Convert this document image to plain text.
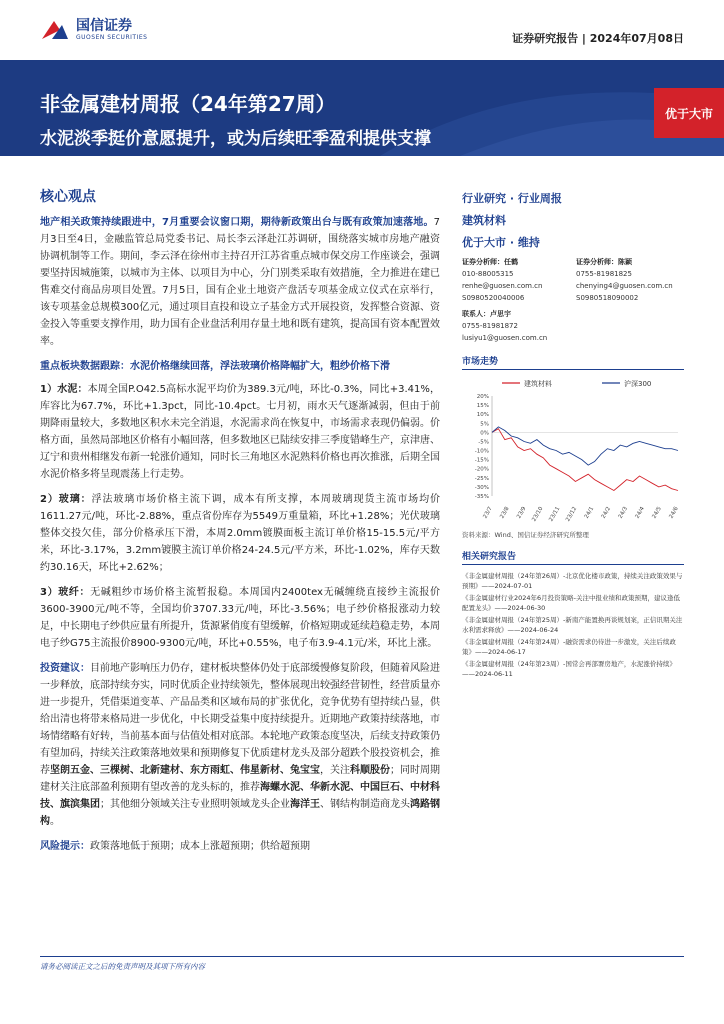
国信证券
GUOSEN SECURITIES	证券研究报告 | 2024年07月08日
非金属建材周报（24年第27周）
水泥淡季挺价意愿提升，或为后续旺季盈利提供支撑
优于大市
核心观点
地产相关政策持续跟进中，7月重要会议窗口期，期待新政策出台与既有政策加速落地。7月3日至4日，金融监管总局党委书记、局长李云泽赴江苏调研，围绕落实城市房地产融资协调机制等工作。期间，李云泽在徐州市主持召开江苏省重点城市保交房工作座谈会，强调要坚持因城施策，以城市为主体、以项目为中心，分门别类采取有效措施，全力推进在建已售难交付商品房项目处置。7月5日，国有企业土地资产盘活专项基金成立仪式在京举行，该专项基金总规模300亿元，通过项目直投和设立子基金方式开展投资，发挥整合资源、资金投入等重要支撑作用，助力国有企业盘活利用存量土地和既有建筑，提高国有资本配置效率。
重点板块数据跟踪：水泥价格继续回落，浮法玻璃价格降幅扩大，粗纱价格下滑
1）水泥：本周全国P.O42.5高标水泥平均价为389.3元/吨，环比-0.3%，同比+3.41%，库容比为67.7%，环比+1.3pct，同比-10.4pct。七月初，雨水天气逐渐减弱，但由于前期降雨量较大，多数地区积水未完全消退，水泥需求尚在恢复中，市场需求表现仍偏弱。价格方面，虽然局部地区价格有小幅回落，但多数地区已陆续安排三季度错峰生产，京津唐、辽宁和贵州相继发布新一轮涨价通知，同时长三角地区水泥熟料价格也再次推涨，后期全国水泥价格多将呈现震荡上行走势。
2）玻璃：浮法玻璃市场价格主流下调，成本有所支撑，本周玻璃现货主流市场均价1611.27元/吨，环比-2.88%，重点省份库存为5549万重量箱，环比+1.28%；光伏玻璃整体交投欠佳，部分价格承压下滑，本周2.0mm镀膜面板主流订单价格15-15.5元/平方米，环比-3.17%，3.2mm镀膜主流订单价格24-24.5元/平方米，环比-1.02%，库存天数约30.16天，环比+2.62%；
3）玻纤：无碱粗纱市场价格主流暂报稳。本周国内2400tex无碱缠绕直接纱主流报价3600-3900元/吨不等，全国均价3707.33元/吨，环比-3.56%；电子纱价格报涨动力较足，中长期电子纱供应量有所提升，货源紧俏度有望缓解，价格短期或延续趋稳走势，本周电子纱G75主流报价8900-9300元/吨，环比+0.55%，电子布3.9-4.1元/米，环比上涨。
投资建议：目前地产影响压力仍存，建材板块整体仍处于底部缓慢修复阶段，但随着风险进一步释放，底部持续夯实，同时优质企业持续领先，整体展现出较强经营韧性，经营质量亦进一步提升，凭借渠道变革、产品品类和区域布局的扩张优化，竞争优势有望持续凸显，供给出清也将带来格局进一步优化，中长期受益集中度持续提升。近期地产政策持续落地，市场情绪略有好转，当前基本面与估值处相对底部。本轮地产政策态度坚决，后续支持政策仍有望加码，持续关注政策落地效果和预期修复下优质建材龙头及部分超跌个股投资机会，推荐坚朗五金、三棵树、北新建材、东方雨虹、伟星新材、兔宝宝，关注科顺股份；同时周期建材关注底部盈利预期有望改善的龙头标的，推荐海螺水泥、华新水泥、中国巨石、中材科技、旗滨集团；其他细分领域关注专业照明领域龙头企业海洋王、钢结构制造商龙头鸿路钢构。
风险提示：政策落地低于预期；成本上涨超预期；供给超预期
行业研究 · 行业周报
建筑材料
优于大市 · 维持
证券分析师：任鹤
010-88005315
renhe@guosen.com.cn
S0980520040006
证券分析师：陈颖
0755-81981825
chenying4@guosen.com.cn
S0980518090002
联系人：卢思宇
0755-81981872
lusiyu1@guosen.com.cn
市场走势
建筑材料	沪深300
20%
15%
10%
5%
0%
-5%
-10%
-15%
-20%
-25%
-30%
-35%
23/7 23/8 23/9 23/10 23/11 23/12 24/1 24/2 24/3 24/4 24/5 24/6
资料来源：Wind、国信证券经济研究所整理
相关研究报告
《非金属建材周报（24年第26周）-北京优化楼市政策，持续关注政策效果与预期》——2024-07-01
《非金属建材行业2024年6月投资策略-关注中报业绩和政策预期，建议逢低配置龙头》——2024-06-30
《非金属建材周报（24年第25周）-新南产能置换再谈规划案，正信讯期关注水利需求释放》——2024-06-24
《非金属建材周报（24年第24周）-融资需求仍待进一步激发，关注后续政策》——2024-06-17
《非金属建材周报（24年第23周）-国常会再部署房地产，水泥涨价持续》——2024-06-11
请务必阅读正文之后的免责声明及其项下所有内容
